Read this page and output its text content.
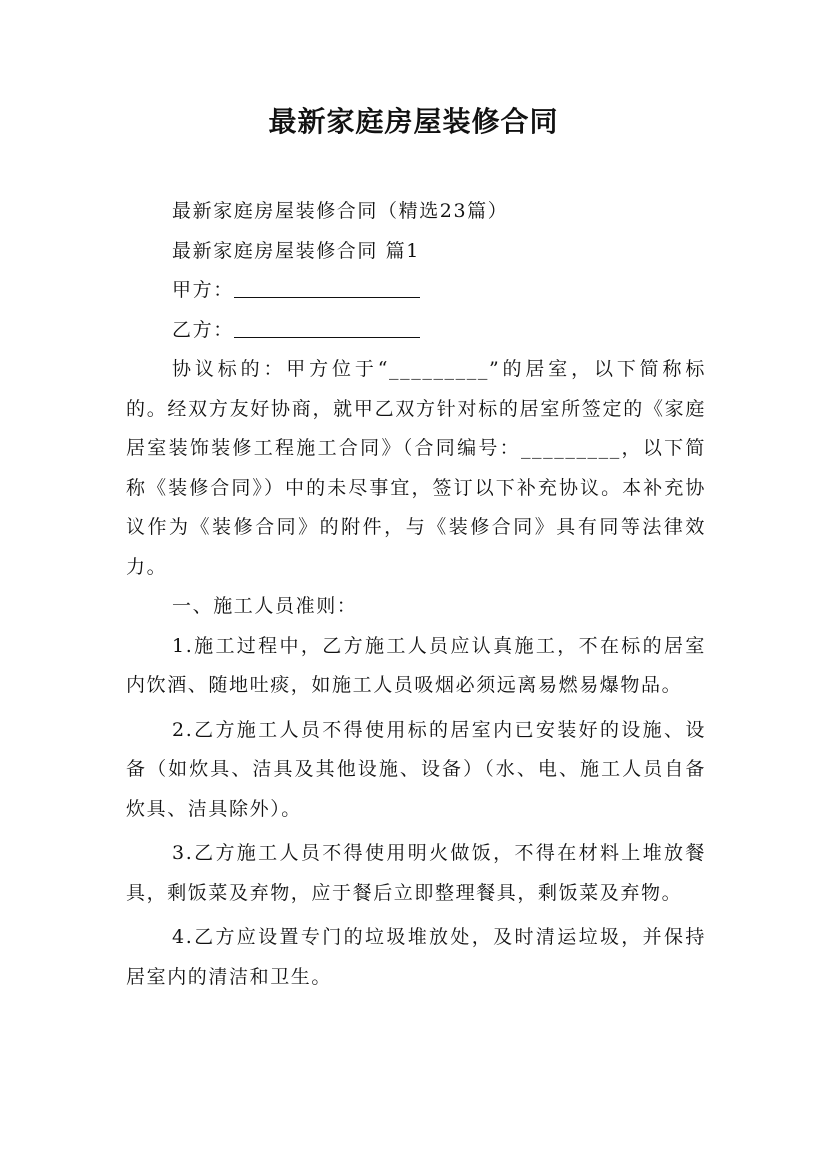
最新家庭房屋装修合同

最新家庭房屋装修合同（精选23篇）

最新家庭房屋装修合同 篇1

甲方：

乙方：

协议标的：甲方位于“_________”的居室，以下简称标的。经双方友好协商，就甲乙双方针对标的居室所签定的《家庭居室装饰装修工程施工合同》（合同编号：_________，以下简称《装修合同》）中的未尽事宜，签订以下补充协议。本补充协议作为《装修合同》的附件，与《装修合同》具有同等法律效力。

一、施工人员准则：

1.施工过程中，乙方施工人员应认真施工，不在标的居室内饮酒、随地吐痰，如施工人员吸烟必须远离易燃易爆物品。

2.乙方施工人员不得使用标的居室内已安装好的设施、设备（如炊具、洁具及其他设施、设备）（水、电、施工人员自备炊具、洁具除外）。

3.乙方施工人员不得使用明火做饭，不得在材料上堆放餐具，剩饭菜及弃物，应于餐后立即整理餐具，剩饭菜及弃物。

4.乙方应设置专门的垃圾堆放处，及时清运垃圾，并保持居室内的清洁和卫生。
